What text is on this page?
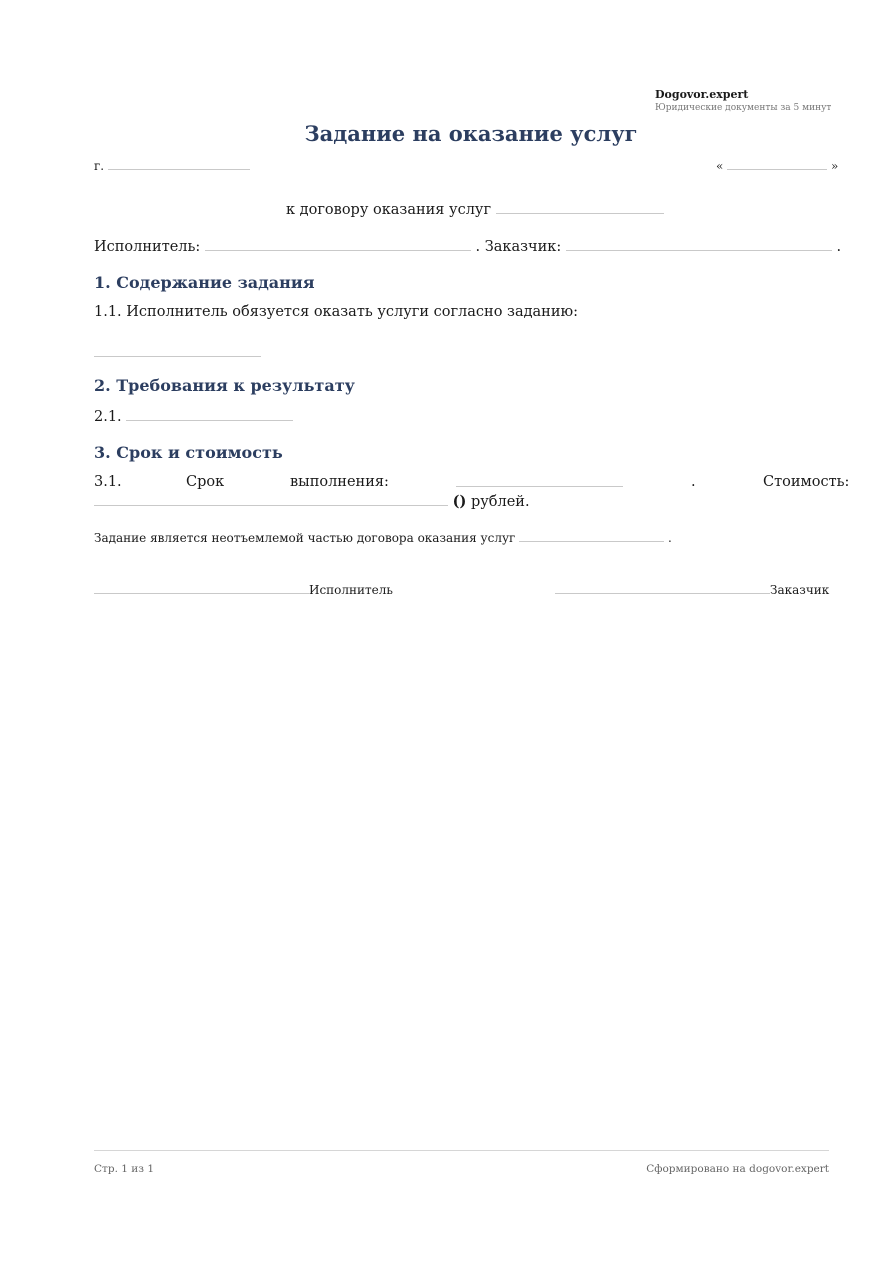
Dogovor.expert
Юридические документы за 5 минут
Задание на оказание услуг
г.	«	»
к договору оказания услуг
Исполнитель:	. Заказчик:	.
1. Содержание задания
1.1. Исполнитель обязуется оказать услуги согласно заданию:
2. Требования к результату
2.1.
3. Срок и стоимость
3.1.	Срок	выполнения:	.	Стоимость:
() рублей.
Задание является неотъемлемой частью договора оказания услуг	.
Исполнитель	Заказчик
Стр. 1 из 1	Сформировано на dogovor.expert
